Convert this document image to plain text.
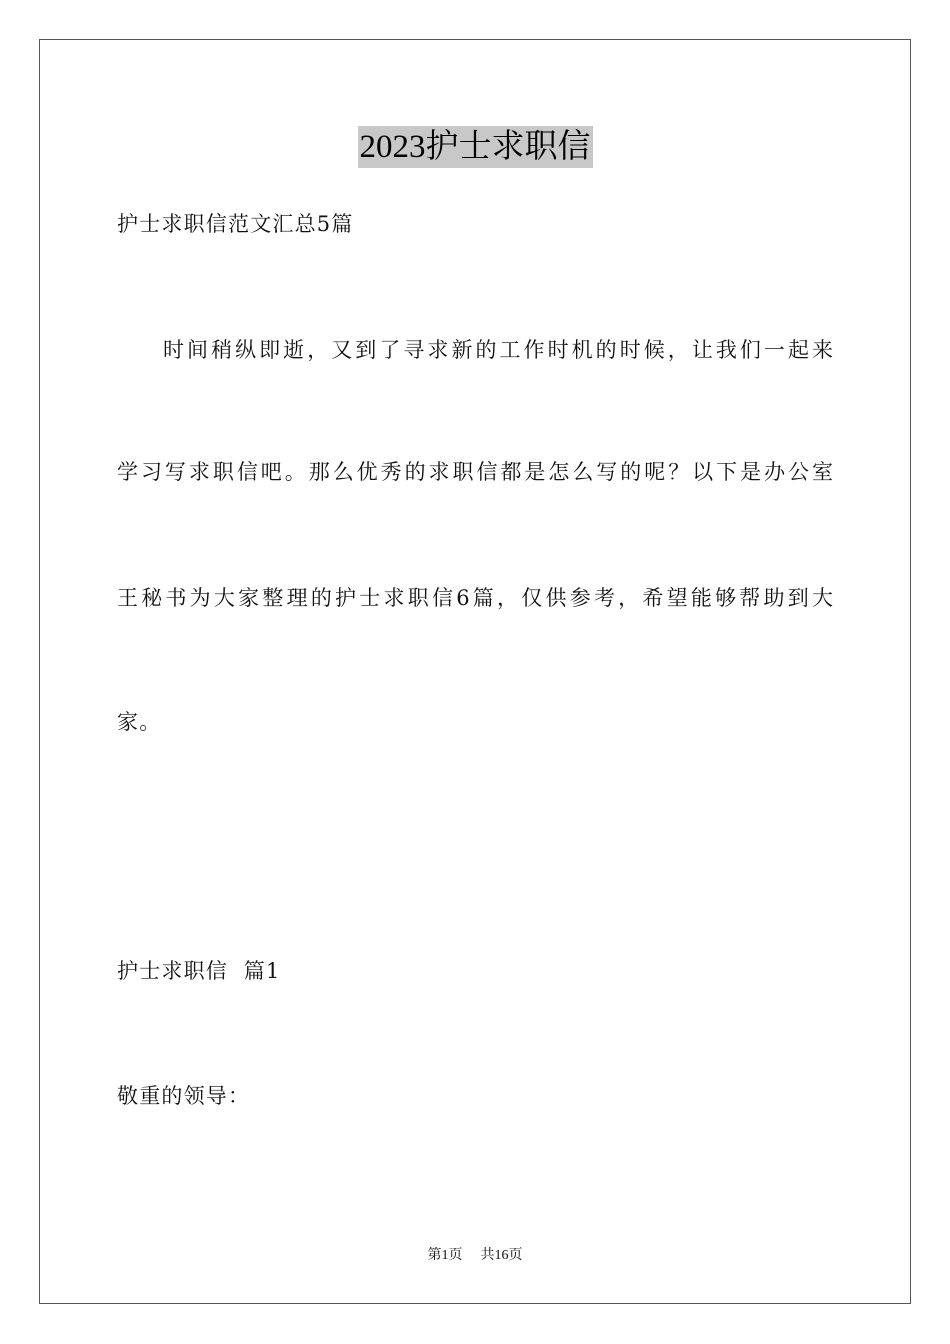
2023护士求职信
护士求职信范文汇总5篇
时间稍纵即逝，又到了寻求新的工作时机的时候，让我们一起来
学习写求职信吧。那么优秀的求职信都是怎么写的呢？以下是办公室
王秘书为大家整理的护士求职信6篇，仅供参考，希望能够帮助到大
家。
护士求职信  篇1
敬重的领导：
第1页 共16页
